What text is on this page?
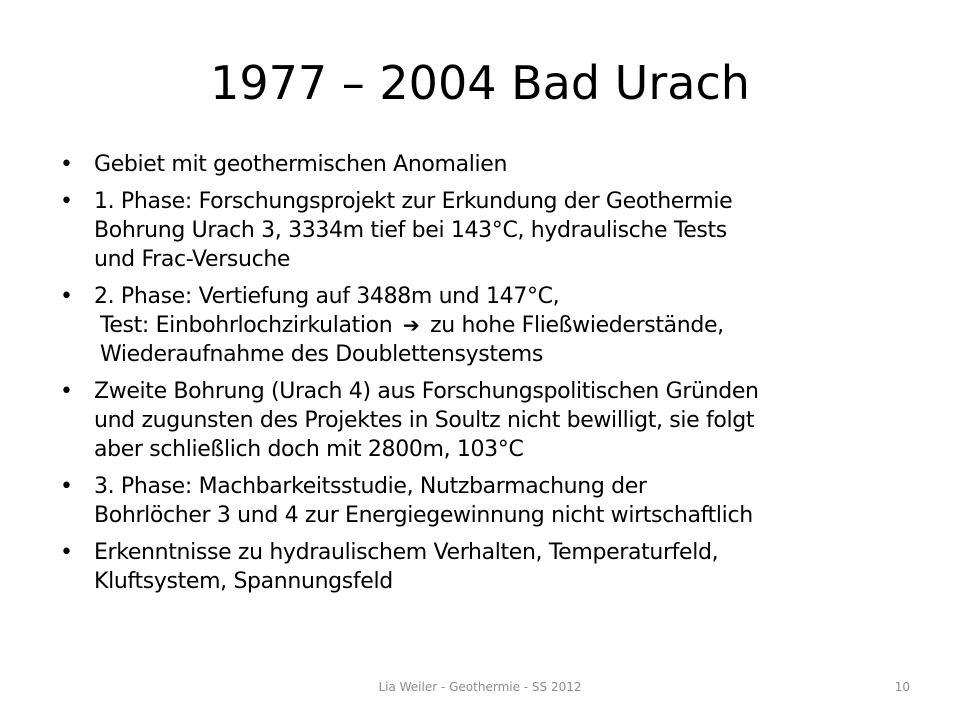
1977 – 2004 Bad Urach
• Gebiet mit geothermischen Anomalien
• 1. Phase: Forschungsprojekt zur Erkundung der Geothermie
Bohrung Urach 3, 3334m tief bei 143°C, hydraulische Tests
und Frac-Versuche
• 2. Phase: Vertiefung auf 3488m und 147°C,
Test: Einbohrlochzirkulation ➔ zu hohe Fließwiederstände,
Wiederaufnahme des Doublettensystems
• Zweite Bohrung (Urach 4) aus Forschungspolitischen Gründen
und zugunsten des Projektes in Soultz nicht bewilligt, sie folgt
aber schließlich doch mit 2800m, 103°C
• 3. Phase: Machbarkeitsstudie, Nutzbarmachung der
Bohrlöcher 3 und 4 zur Energiegewinnung nicht wirtschaftlich
• Erkenntnisse zu hydraulischem Verhalten, Temperaturfeld,
Kluftsystem, Spannungsfeld
Lia Weiler - Geothermie - SS 2012	10
